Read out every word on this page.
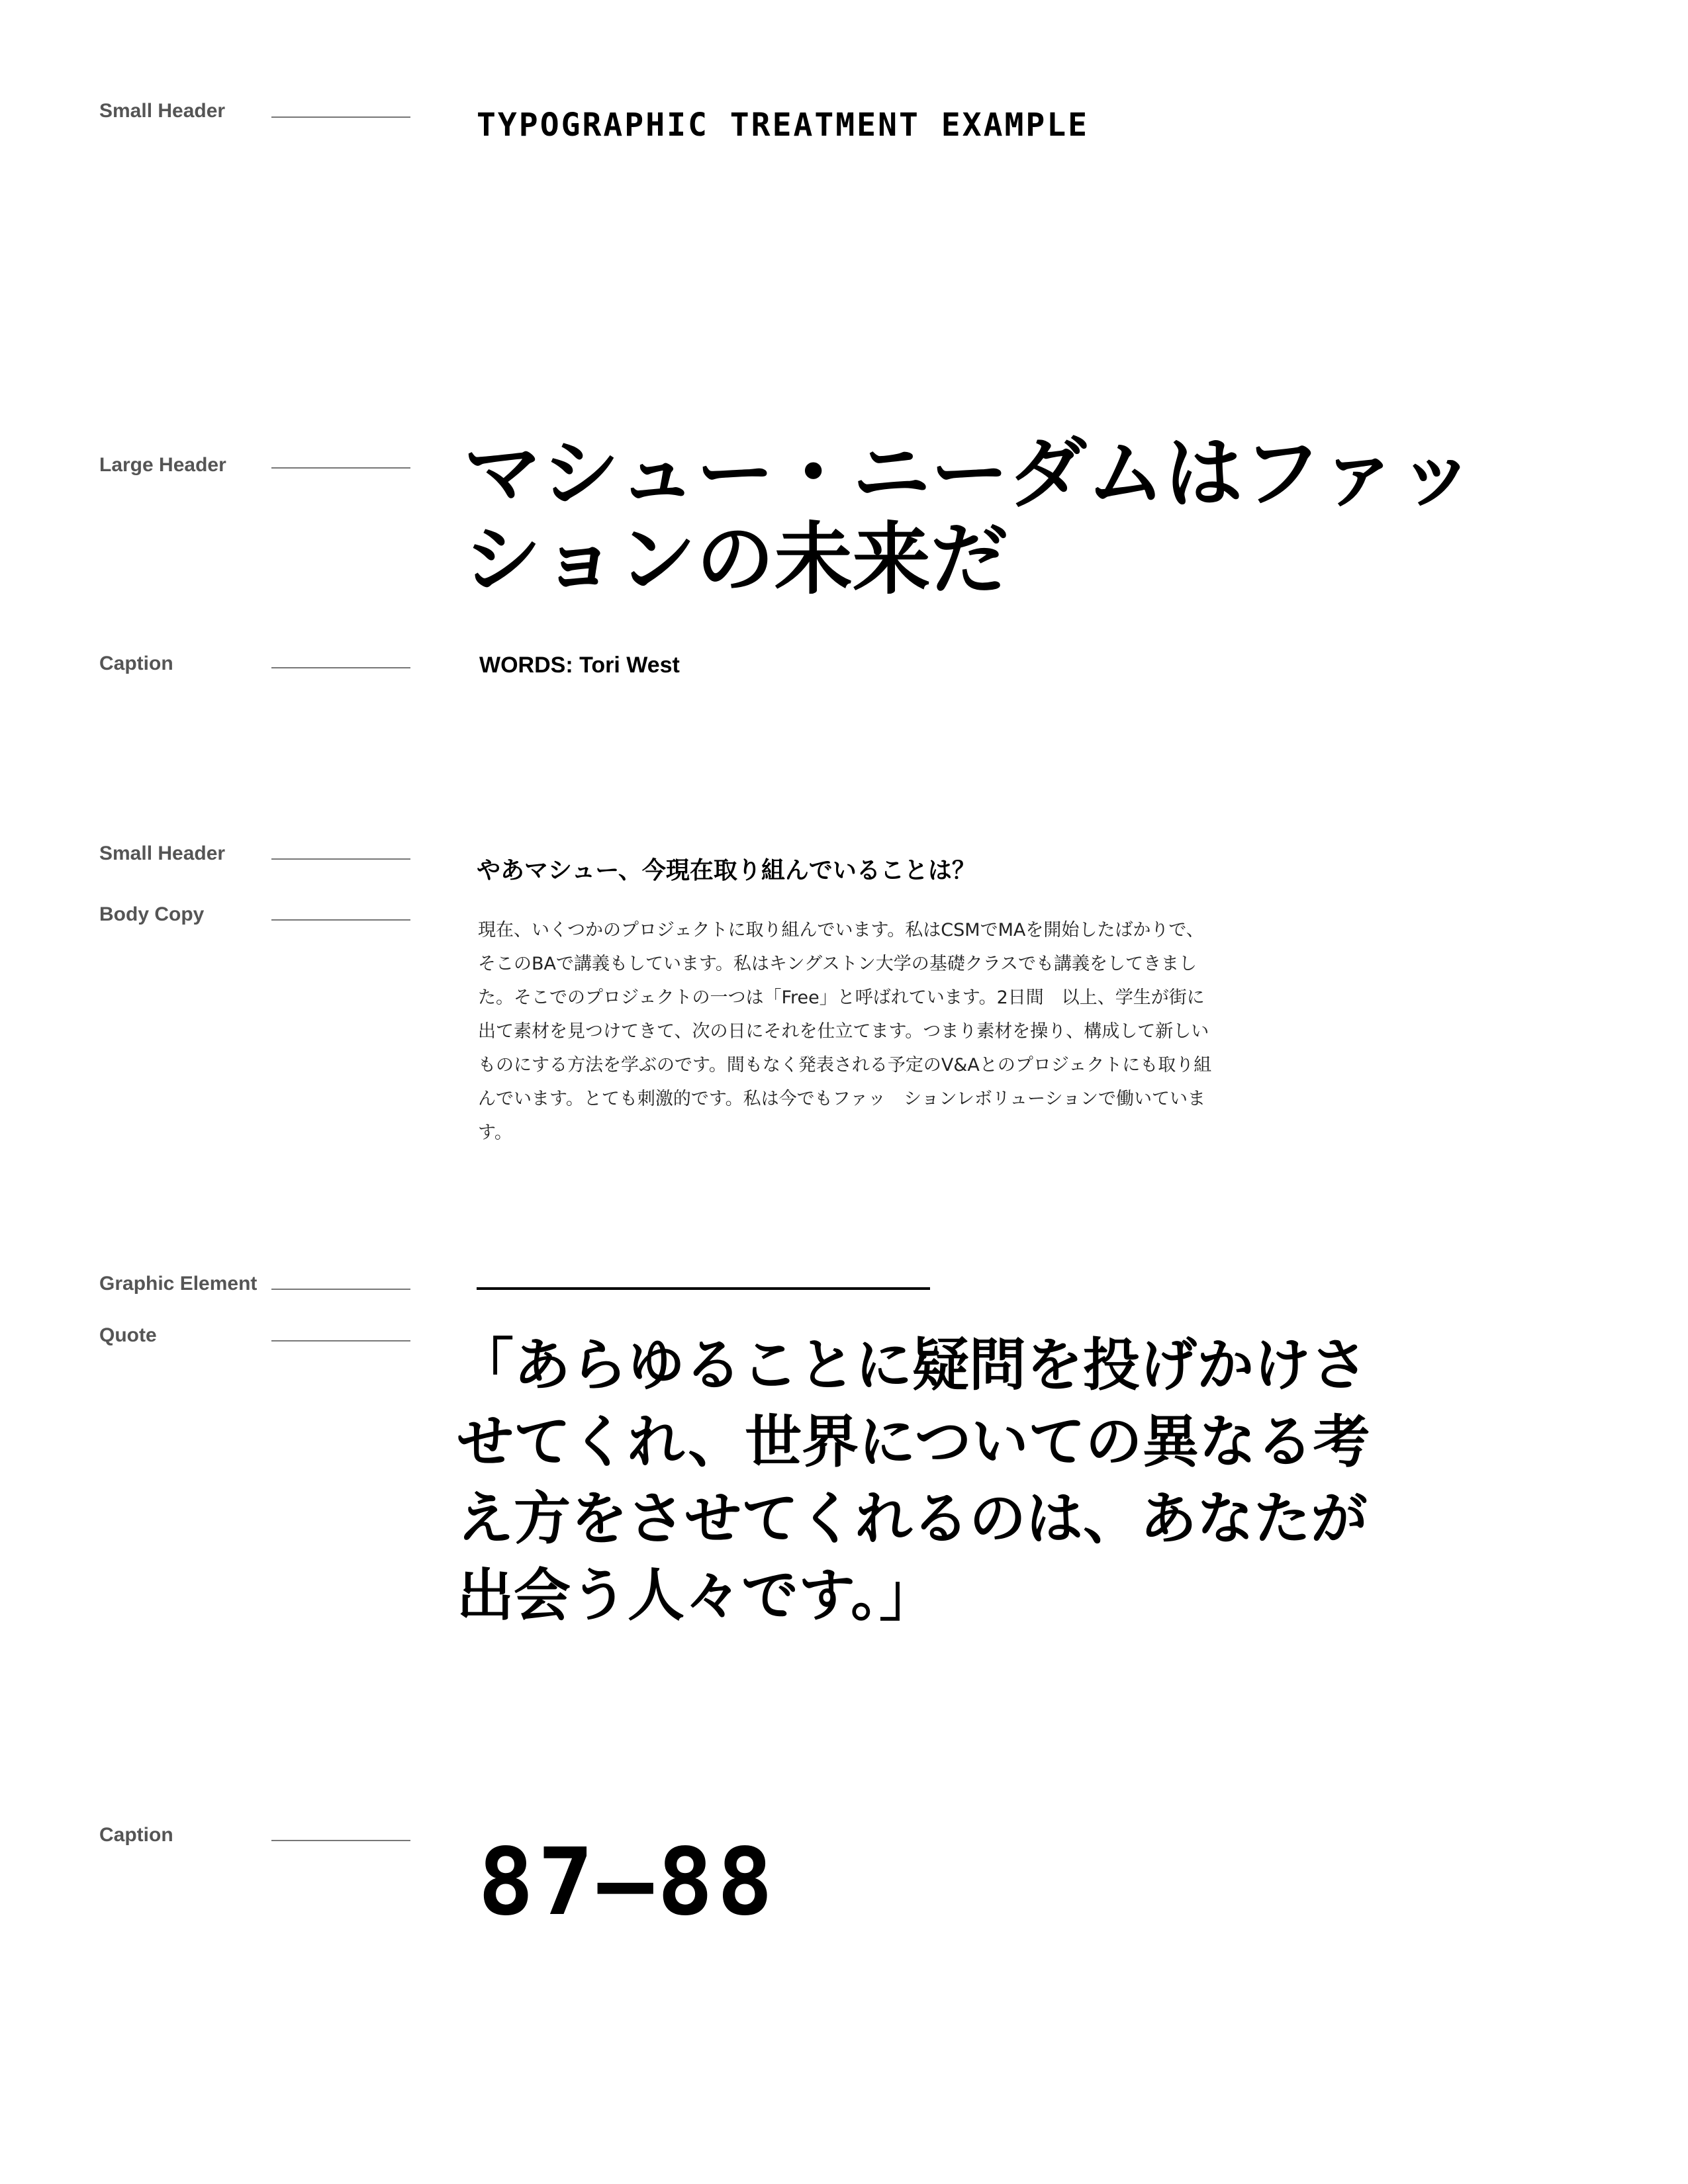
Small Header	TYPOGRAPHIC TREATMENT EXAMPLE
Large Header	マシュー・ニーダムはファッションの未来だ
Caption	WORDS: Tori West
Small Header
やあマシュー、今現在取り組んでいることは？
Body Copy

現在、いくつかのプロジェクトに取り組んでいます。私はCSMでMAを開始したばかりで、そこのBAで講義もしています。私はキングストン大学の基礎クラスでも講義をしてきました。そこでのプロジェクトの一つは「Free」と呼ばれています。2日間　以上、学生が街に出て素材を見つけてきて、次の日にそれを仕立てます。つまり素材を操り、構成して新しいものにする方法を学ぶのです。間もなく発表される予定のV&Aとのプロジェクトにも取り組んでいます。とても刺激的です。私は今でもファッ　ションレボリューションで働いています。

Graphic Element
Quote	「あらゆることに疑問を投げかけさせてくれ、世界についての異なる考え方をさせてくれるのは、あなたが出会う人々です。」

Caption	87–88
